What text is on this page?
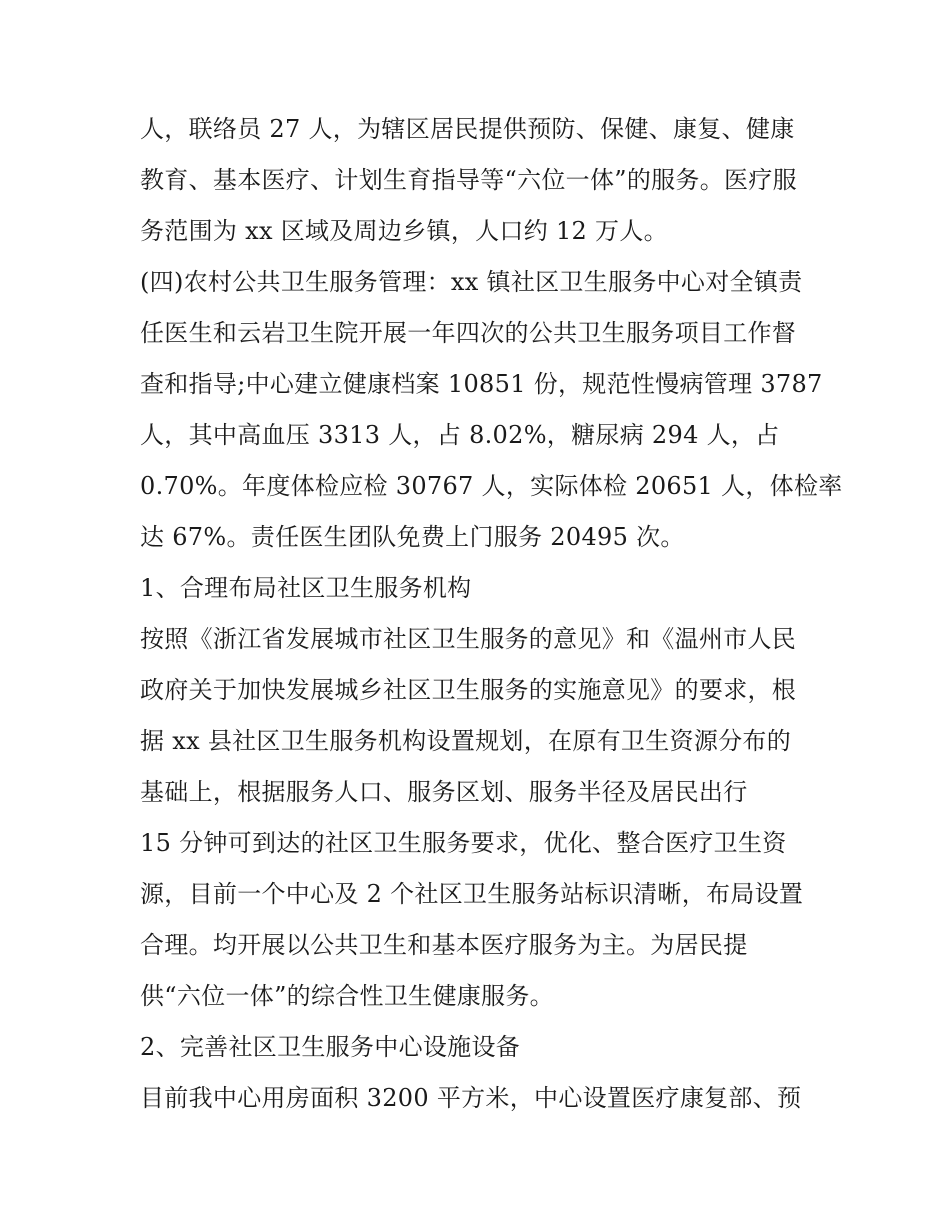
人，联络员 27 人，为辖区居民提供预防、保健、康复、健康
教育、基本医疗、计划生育指导等“六位一体”的服务。医疗服
务范围为 xx 区域及周边乡镇，人口约 12 万人。
(四)农村公共卫生服务管理：xx 镇社区卫生服务中心对全镇责
任医生和云岩卫生院开展一年四次的公共卫生服务项目工作督
查和指导;中心建立健康档案 10851 份，规范性慢病管理 3787
人，其中高血压 3313 人，占 8.02%，糖尿病 294 人，占
0.70%。年度体检应检 30767 人，实际体检 20651 人，体检率
达 67%。责任医生团队免费上门服务 20495 次。
1、合理布局社区卫生服务机构
按照《浙江省发展城市社区卫生服务的意见》和《温州市人民
政府关于加快发展城乡社区卫生服务的实施意见》的要求，根
据 xx 县社区卫生服务机构设置规划，在原有卫生资源分布的
基础上，根据服务人口、服务区划、服务半径及居民出行
15 分钟可到达的社区卫生服务要求，优化、整合医疗卫生资
源，目前一个中心及 2 个社区卫生服务站标识清晰，布局设置
合理。均开展以公共卫生和基本医疗服务为主。为居民提
供“六位一体”的综合性卫生健康服务。
2、完善社区卫生服务中心设施设备
目前我中心用房面积 3200 平方米，中心设置医疗康复部、预
